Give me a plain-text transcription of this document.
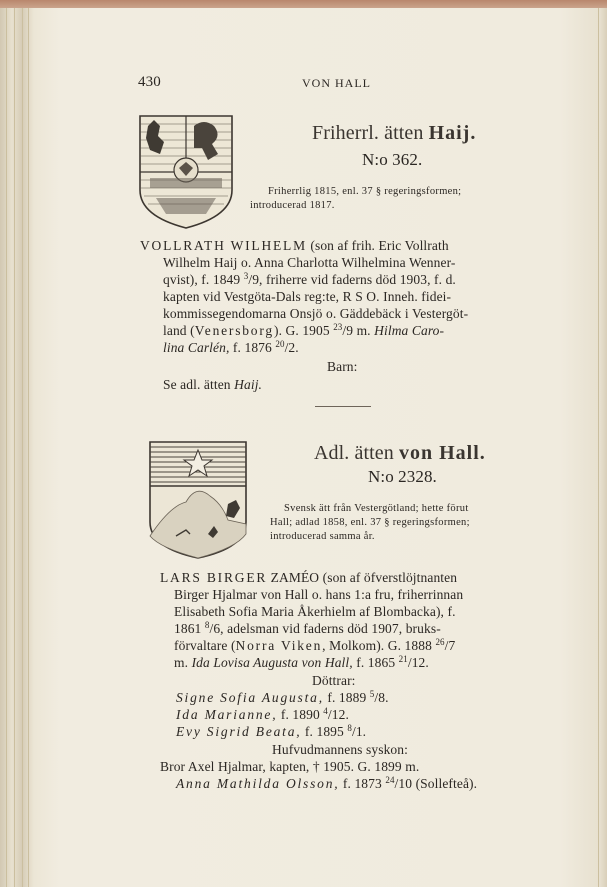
430	VON HALL
Friherrl. ätten Haij.
N:o 362.
Friherrlig 1815, enl. 37 § regeringsformen;
introducerad 1817.
VOLLRATH WILHELM (son af frih. Eric Vollrath
Wilhelm Haij o. Anna Charlotta Wilhelmina Wenner-
qvist), f. 1849 $^3$/9, friherre vid faderns död 1903, f. d.
kapten vid Vestgöta-Dals reg:te, R S O. Inneh. fidei-
kommissegendomarna Onsjö o. Gäddebäck i Vestergöt-
land (Venersborg). G. 1905 $^{23}$/9 m. Hilma Caro-
lina Carlén, f. 1876 $^{20}$/2.
Barn:
Se adl. ätten Haij.
Adl. ätten von Hall.
N:o 2328.
Svensk ätt från Vestergötland; hette förut
Hall; adlad 1858, enl. 37 § regeringsformen;
introducerad samma år.
LARS BIRGER ZAMÉO (son af öfverstlöjtnanten
Birger Hjalmar von Hall o. hans 1:a fru, friherrinnan
Elisabeth Sofia Maria Åkerhielm af Blombacka), f.
1861 $^8$/6, adelsman vid faderns död 1907, bruks-
förvaltare (Norra Viken, Molkom). G. 1888 $^{26}$/7
m. Ida Lovisa Augusta von Hall, f. 1865 $^{21}$/12.
Döttrar:
Signe Sofia Augusta, f. 1889 $^5$/8.
Ida Marianne, f. 1890 $^4$/12.
Evy Sigrid Beata, f. 1895 $^8$/1.
Hufvudmannens syskon:
Bror Axel Hjalmar, kapten, † 1905. G. 1899 m.
Anna Mathilda Olsson, f. 1873 $^{24}$/10 (Sollefteå).
